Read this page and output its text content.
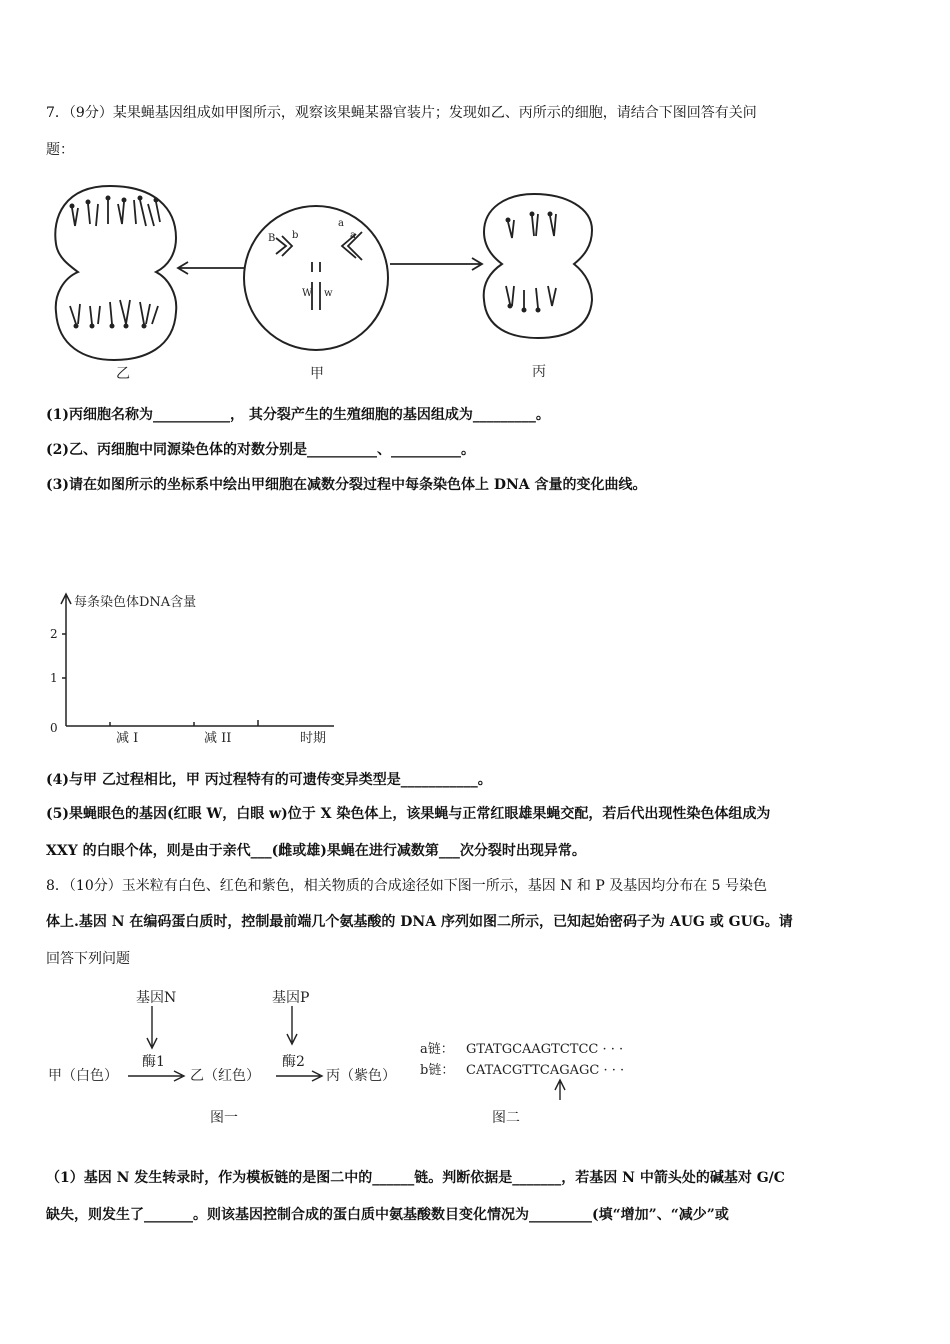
7．（9分）某果蝇基因组成如甲图所示，观察该果蝇某器官装片；发现如乙、丙所示的细胞，请结合下图回答有关问
题：
B b
a
a
W w
乙	甲	丙
(1)丙细胞名称为___________， 其分裂产生的生殖细胞的基因组成为_________。
(2)乙、丙细胞中同源染色体的对数分别是__________、__________。
(3)请在如图所示的坐标系中绘出甲细胞在减数分裂过程中每条染色体上 DNA 含量的变化曲线。
每条染色体DNA含量
2
1
0
减 I	减 II	时期
(4)与甲 乙过程相比，甲 丙过程特有的可遗传变异类型是___________。
(5)果蝇眼色的基因(红眼 W，白眼 w)位于 X 染色体上，该果蝇与正常红眼雄果蝇交配，若后代出现性染色体组成为
XXY 的白眼个体，则是由于亲代___(雌或雄)果蝇在进行减数第___次分裂时出现异常。
8．（10分）玉米粒有白色、红色和紫色，相关物质的合成途径如下图一所示，基因 N 和 P 及基因均分布在 5 号染色
体上.基因 N 在编码蛋白质时，控制最前端几个氨基酸的 DNA 序列如图二所示，已知起始密码子为 AUG 或 GUG。请
回答下列问题
基因N	基因P
酶1	酶2
甲（白色）	乙（红色）	丙（紫色）
图一
a链： GTATGCAAGTCTCC · · ·
b链： CATACGTTCAGAGC · · ·
图二
（1）基因 N 发生转录时，作为模板链的是图二中的______链。判断依据是_______，若基因 N 中箭头处的碱基对 G/C
缺失，则发生了_______。则该基因控制合成的蛋白质中氨基酸数目变化情况为_________(填“增加”、“减少”或
